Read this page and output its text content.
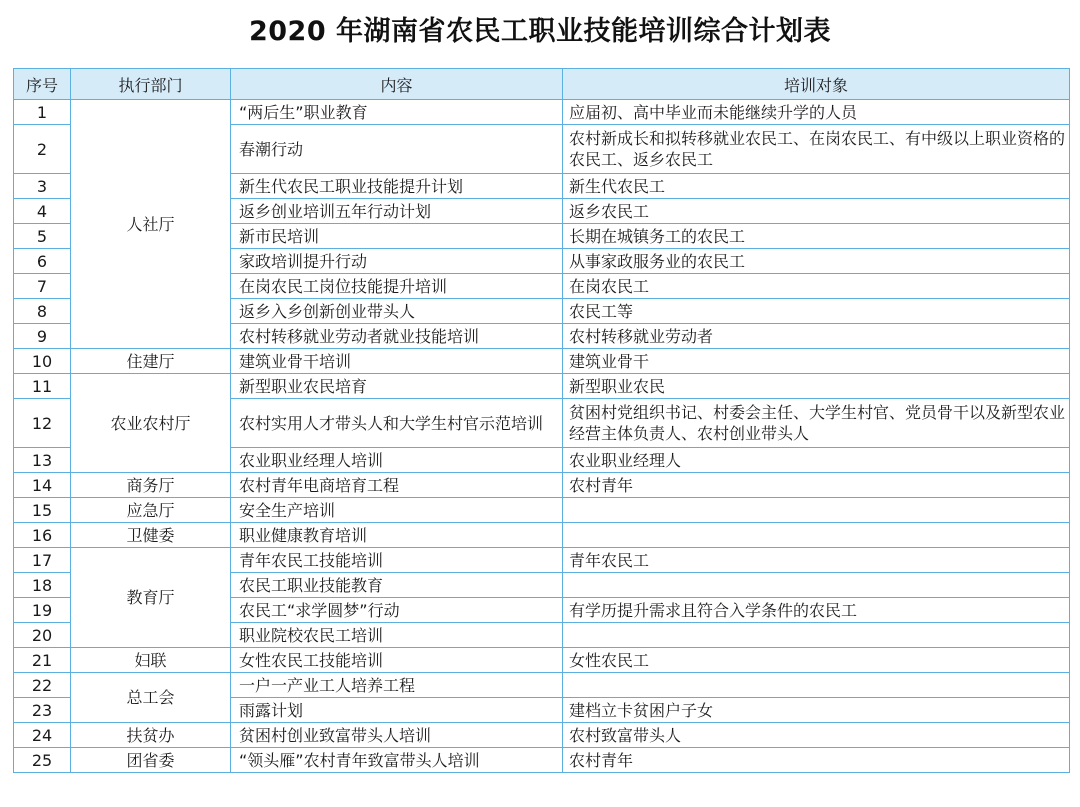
2020 年湖南省农民工职业技能培训综合计划表
序号	执行部门	内容	培训对象
1	人社厅	“两后生”职业教育	应届初、高中毕业而未能继续升学的人员
2		春潮行动	农村新成长和拟转移就业农民工、在岗农民工、有中级以上职业资格的农民工、返乡农民工
3		新生代农民工职业技能提升计划	新生代农民工
4		返乡创业培训五年行动计划	返乡农民工
5		新市民培训	长期在城镇务工的农民工
6		家政培训提升行动	从事家政服务业的农民工
7		在岗农民工岗位技能提升培训	在岗农民工
8		返乡入乡创新创业带头人	农民工等
9		农村转移就业劳动者就业技能培训	农村转移就业劳动者
10	住建厅	建筑业骨干培训	建筑业骨干
11	农业农村厅	新型职业农民培育	新型职业农民
12		农村实用人才带头人和大学生村官示范培训	贫困村党组织书记、村委会主任、大学生村官、党员骨干以及新型农业经营主体负责人、农村创业带头人
13		农业职业经理人培训	农业职业经理人
14	商务厅	农村青年电商培育工程	农村青年
15	应急厅	安全生产培训	
16	卫健委	职业健康教育培训	
17	教育厅	青年农民工技能培训	青年农民工
18		农民工职业技能教育	
19		农民工“求学圆梦”行动	有学历提升需求且符合入学条件的农民工
20		职业院校农民工培训	
21	妇联	女性农民工技能培训	女性农民工
22	总工会	一户一产业工人培养工程	
23		雨露计划	建档立卡贫困户子女
24	扶贫办	贫困村创业致富带头人培训	农村致富带头人
25	团省委	“领头雁”农村青年致富带头人培训	农村青年
